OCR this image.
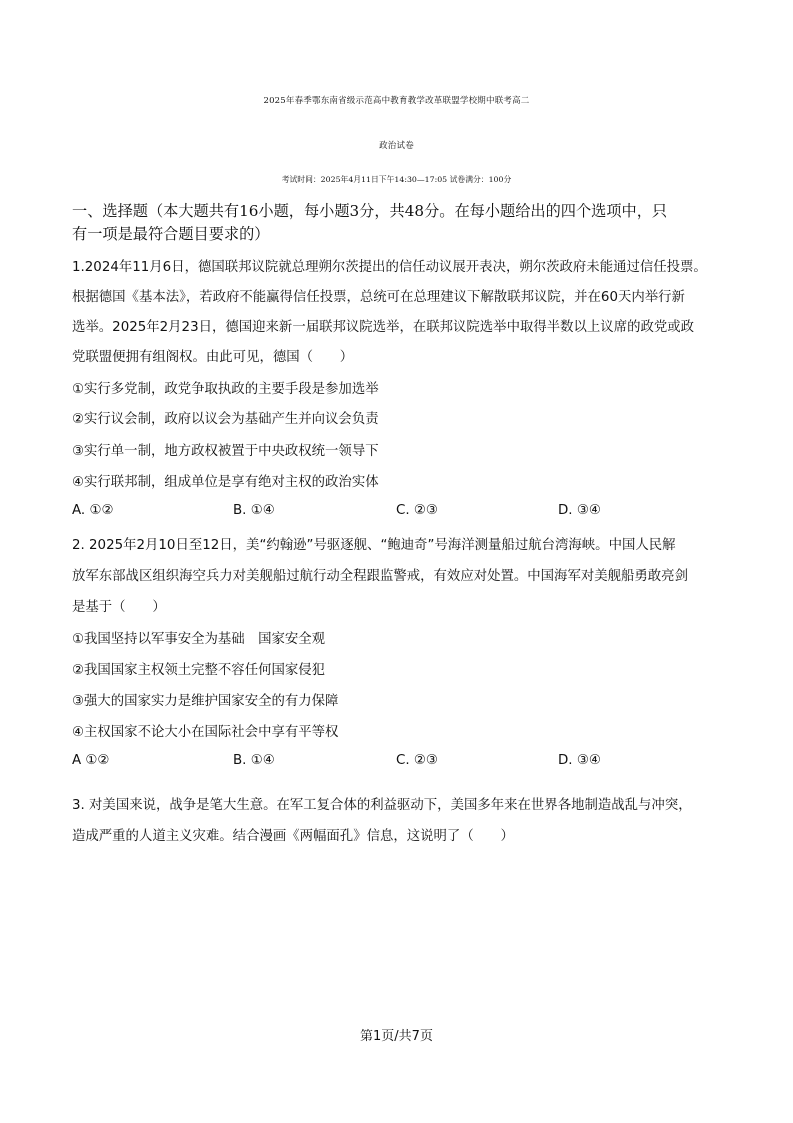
2025年春季鄂东南省级示范高中教育教学改革联盟学校期中联考高二
政治试卷
考试时间：2025年4月11日下午14:30—17:05 试卷满分：100分
一、选择题（本大题共有16小题，每小题3分，共48分。在每小题给出的四个选项中，只
有一项是最符合题目要求的）
1.2024年11月6日，德国联邦议院就总理朔尔茨提出的信任动议展开表决，朔尔茨政府未能通过信任投票。
根据德国《基本法》，若政府不能赢得信任投票，总统可在总理建议下解散联邦议院，并在60天内举行新
选举。2025年2月23日，德国迎来新一届联邦议院选举，在联邦议院选举中取得半数以上议席的政党或政
党联盟便拥有组阁权。由此可见，德国（　　）
①实行多党制，政党争取执政的主要手段是参加选举
②实行议会制，政府以议会为基础产生并向议会负责
③实行单一制，地方政权被置于中央政权统一领导下
④实行联邦制，组成单位是享有绝对主权的政治实体
A. ①②	B. ①④	C. ②③	D. ③④
2. 2025年2月10日至12日，美“约翰逊”号驱逐舰、“鲍迪奇”号海洋测量船过航台湾海峡。中国人民解
放军东部战区组织海空兵力对美舰船过航行动全程跟监警戒，有效应对处置。中国海军对美舰船勇敢亮剑
是基于（　　）
①我国坚持以军事安全为基础　国家安全观
②我国国家主权领土完整不容任何国家侵犯
③强大的国家实力是维护国家安全的有力保障
④主权国家不论大小在国际社会中享有平等权
A ①②	B. ①④	C. ②③	D. ③④
3. 对美国来说，战争是笔大生意。在军工复合体的利益驱动下，美国多年来在世界各地制造战乱与冲突，
造成严重的人道主义灾难。结合漫画《两幅面孔》信息，这说明了（　　）
第1页/共7页
